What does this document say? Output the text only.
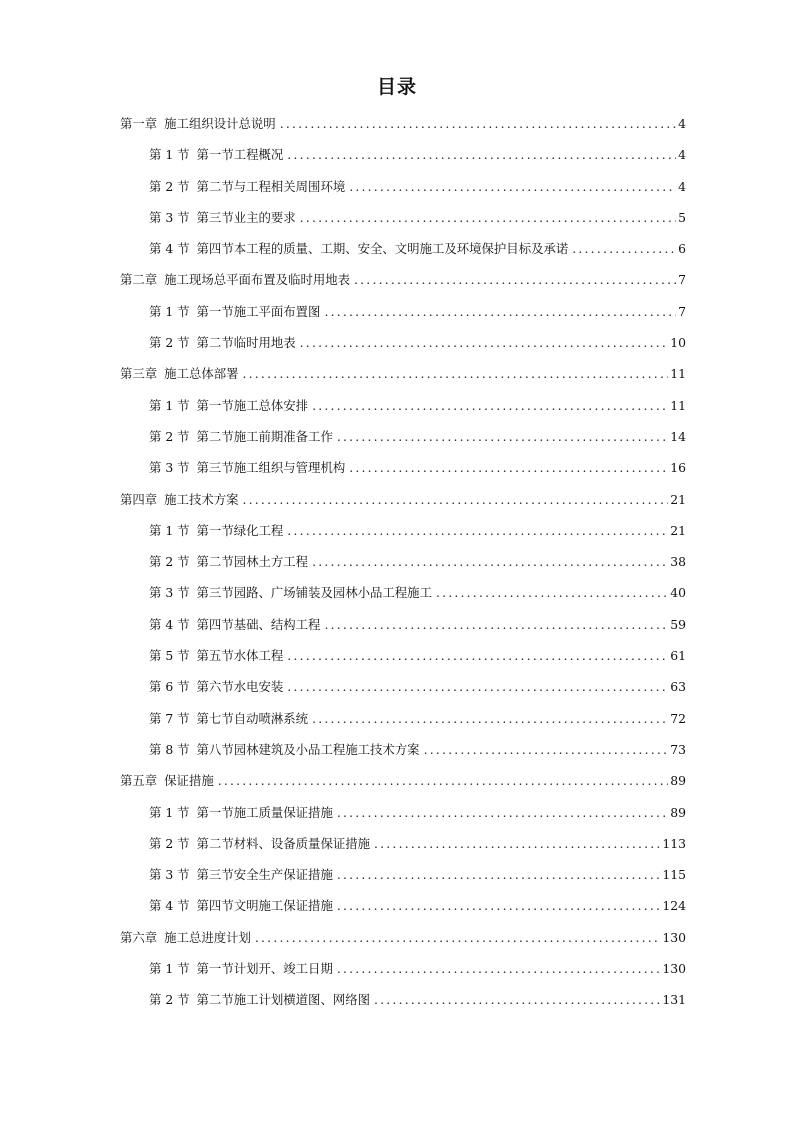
目录
第一章 施工组织设计总说明 .....	4
第 1 节 第一节工程概况 .....	4
第 2 节 第二节与工程相关周围环境 .....	4
第 3 节 第三节业主的要求 .....	5
第 4 节 第四节本工程的质量、工期、安全、文明施工及环境保护目标及承诺 .....	6
第二章 施工现场总平面布置及临时用地表 .....	7
第 1 节 第一节施工平面布置图 .....	7
第 2 节 第二节临时用地表 .....	10
第三章 施工总体部署 .....	11
第 1 节 第一节施工总体安排 .....	11
第 2 节 第二节施工前期准备工作 .....	14
第 3 节 第三节施工组织与管理机构 .....	16
第四章 施工技术方案 .....	21
第 1 节 第一节绿化工程 .....	21
第 2 节 第二节园林土方工程 .....	38
第 3 节 第三节园路、广场铺装及园林小品工程施工 .....	40
第 4 节 第四节基础、结构工程 .....	59
第 5 节 第五节水体工程 .....	61
第 6 节 第六节水电安装 .....	63
第 7 节 第七节自动喷淋系统 .....	72
第 8 节 第八节园林建筑及小品工程施工技术方案 .....	73
第五章 保证措施 .....	89
第 1 节 第一节施工质量保证措施 .....	89
第 2 节 第二节材料、设备质量保证措施 .....	113
第 3 节 第三节安全生产保证措施 .....	115
第 4 节 第四节文明施工保证措施 .....	124
第六章 施工总进度计划 .....	130
第 1 节 第一节计划开、竣工日期 .....	130
第 2 节 第二节施工计划横道图、网络图 .....	131
